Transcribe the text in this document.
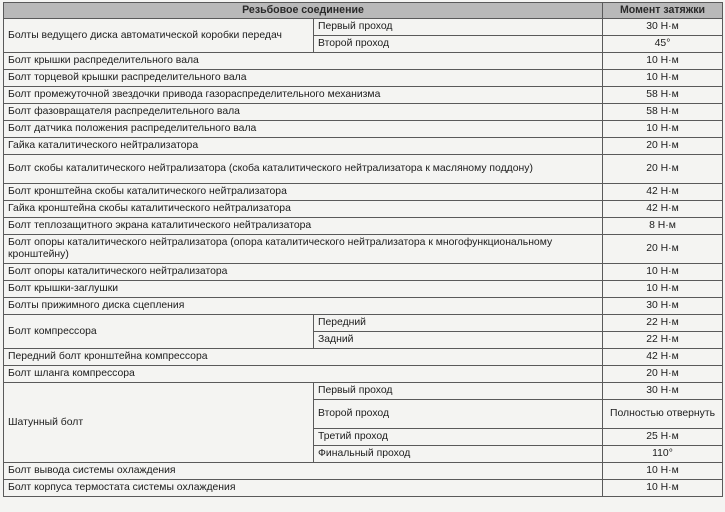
Резьбовое соединение		Момент затяжки
Болты ведущего диска автоматической коробки передач	Первый проход	30 Н·м
	Второй проход	45°
Болт крышки распределительного вала		10 Н·м
Болт торцевой крышки распределительного вала		10 Н·м
Болт промежуточной звездочки привода газораспределительного механизма		58 Н·м
Болт фазовращателя распределительного вала		58 Н·м
Болт датчика положения распределительного вала		10 Н·м
Гайка каталитического нейтрализатора		20 Н·м
Болт скобы каталитического нейтрализатора (скоба каталитического нейтрализатора к масляному поддону)		20 Н·м
Болт кронштейна скобы каталитического нейтрализатора		42 Н·м
Гайка кронштейна скобы каталитического нейтрализатора		42 Н·м
Болт теплозащитного экрана каталитического нейтрализатора		8 Н·м
Болт опоры каталитического нейтрализатора (опора каталитического нейтрализатора к многофункциональному кронштейну)		20 Н·м
Болт опоры каталитического нейтрализатора		10 Н·м
Болт крышки-заглушки		10 Н·м
Болты прижимного диска сцепления		30 Н·м
Болт компрессора	Передний	22 Н·м
	Задний	22 Н·м
Передний болт кронштейна компрессора		42 Н·м
Болт шланга компрессора		20 Н·м
Шатунный болт	Первый проход	30 Н·м
	Второй проход	Полностью отвернуть
	Третий проход	25 Н·м
	Финальный проход	110°
Болт вывода системы охлаждения		10 Н·м
Болт корпуса термостата системы охлаждения		10 Н·м
